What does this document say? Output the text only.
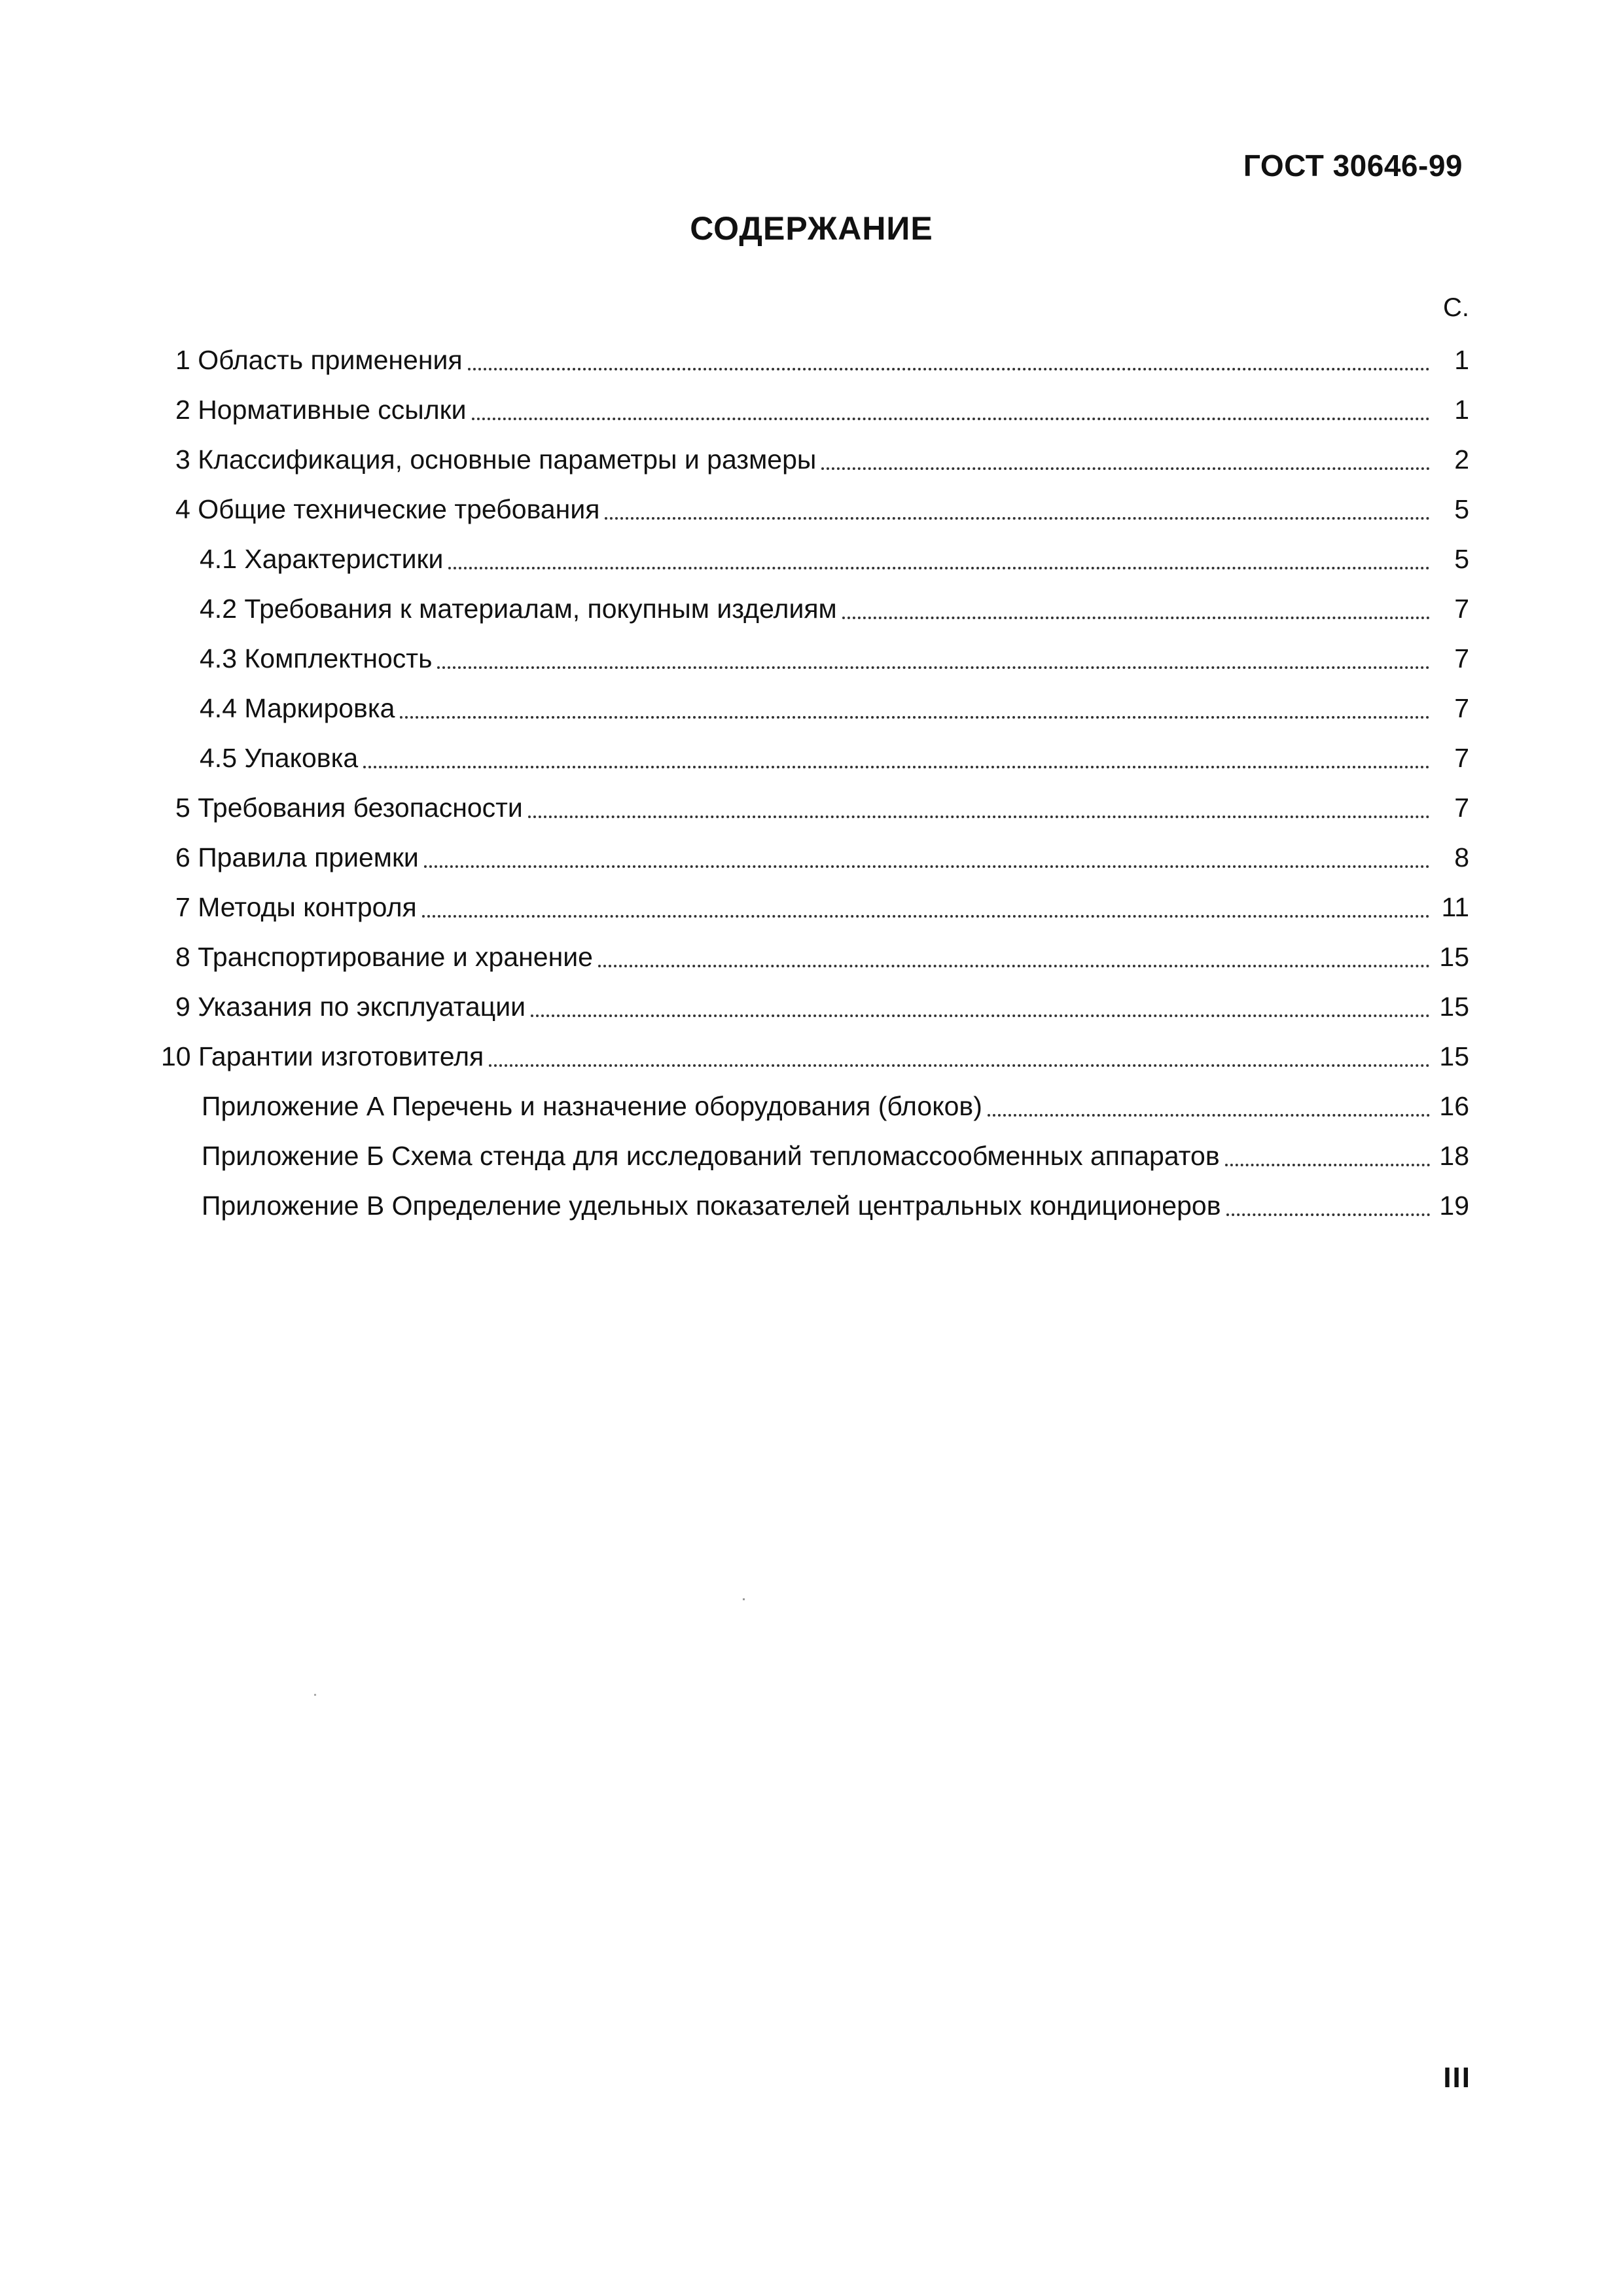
ГОСТ 30646-99
СОДЕРЖАНИЕ
С.
1 Область применения	1
2 Нормативные ссылки	1
3 Классификация, основные параметры и размеры	2
4 Общие технические требования	5
4.1 Характеристики	5
4.2 Требования к материалам, покупным изделиям	7
4.3 Комплектность	7
4.4 Маркировка	7
4.5 Упаковка	7
5 Требования безопасности	7
6 Правила приемки	8
7 Методы контроля	11
8 Транспортирование и хранение	15
9 Указания по эксплуатации	15
10 Гарантии изготовителя	15
Приложение А Перечень и назначение оборудования (блоков)	16
Приложение Б Схема стенда для исследований тепломассообменных аппаратов	18
Приложение В Определение удельных показателей центральных кондиционеров	19
III
